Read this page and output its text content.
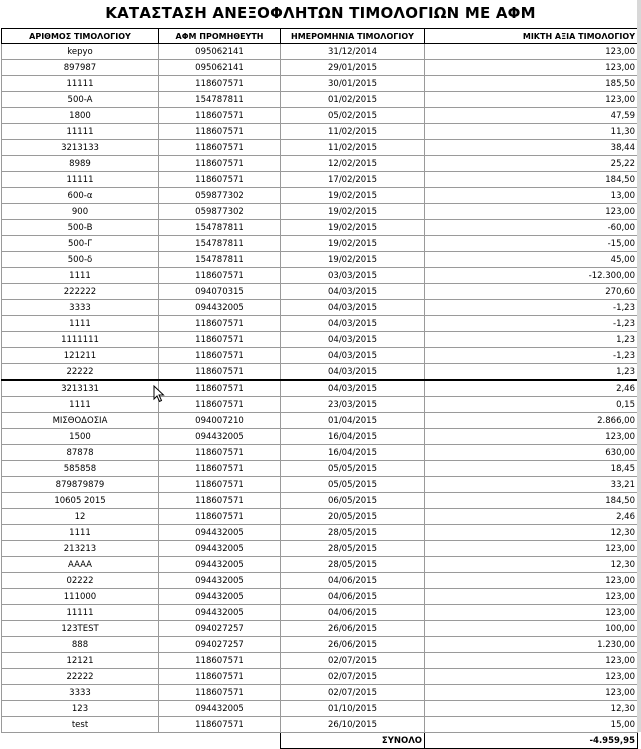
ΚΑΤΑΣΤΑΣΗ ΑΝΕΞΟΦΛΗΤΩΝ ΤΙΜΟΛΟΓΙΩΝ ΜΕ ΑΦΜ
ΑΡΙΘΜΟΣ ΤΙΜΟΛΟΓΙΟΥ	ΑΦΜ ΠΡΟΜΗΘΕΥΤΗ	ΗΜΕΡΟΜΗΝΙΑ ΤΙΜΟΛΟΓΙΟΥ	ΜΙΚΤΗ ΑΞΙΑ ΤΙΜΟΛΟΓΙΟΥ
kepyo	095062141	31/12/2014	123,00
897987	095062141	29/01/2015	123,00
11111	118607571	30/01/2015	185,50
500-A	154787811	01/02/2015	123,00
1800	118607571	05/02/2015	47,59
11111	118607571	11/02/2015	11,30
3213133	118607571	11/02/2015	38,44
8989	118607571	12/02/2015	25,22
11111	118607571	17/02/2015	184,50
600-α	059877302	19/02/2015	13,00
900	059877302	19/02/2015	123,00
500-B	154787811	19/02/2015	-60,00
500-Γ	154787811	19/02/2015	-15,00
500-δ	154787811	19/02/2015	45,00
1111	118607571	03/03/2015	-12.300,00
222222	094070315	04/03/2015	270,60
3333	094432005	04/03/2015	-1,23
1111	118607571	04/03/2015	-1,23
1111111	118607571	04/03/2015	1,23
121211	118607571	04/03/2015	-1,23
22222	118607571	04/03/2015	1,23
3213131	118607571	04/03/2015	2,46
1111	118607571	23/03/2015	0,15
ΜΙΣΘΟΔΟΣΙΑ	094007210	01/04/2015	2.866,00
1500	094432005	16/04/2015	123,00
87878	118607571	16/04/2015	630,00
585858	118607571	05/05/2015	18,45
879879879	118607571	05/05/2015	33,21
10605 2015	118607571	06/05/2015	184,50
12	118607571	20/05/2015	2,46
1111	094432005	28/05/2015	12,30
213213	094432005	28/05/2015	123,00
AAAA	094432005	28/05/2015	12,30
02222	094432005	04/06/2015	123,00
111000	094432005	04/06/2015	123,00
11111	094432005	04/06/2015	123,00
123TEST	094027257	26/06/2015	100,00
888	094027257	26/06/2015	1.230,00
12121	118607571	02/07/2015	123,00
22222	118607571	02/07/2015	123,00
3333	118607571	02/07/2015	123,00
123	094432005	01/10/2015	12,30
test	118607571	26/10/2015	15,00
		ΣΥΝΟΛΟ	-4.959,95
